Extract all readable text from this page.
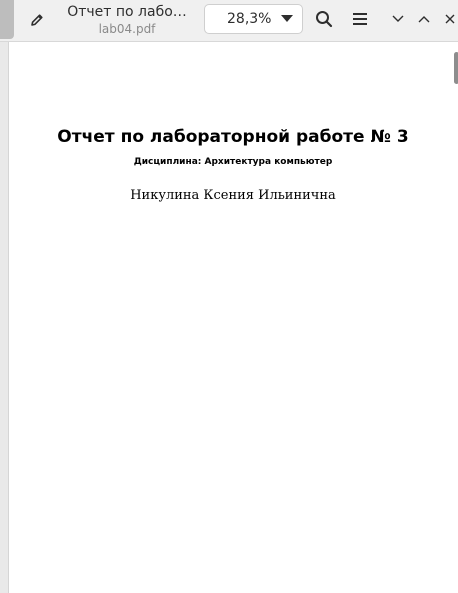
Отчет по лабо…
lab04.pdf
28,3%
Отчет по лабораторной работе № 3
Дисциплина: Архитектура компьютер
Никулина Ксения Ильинична
